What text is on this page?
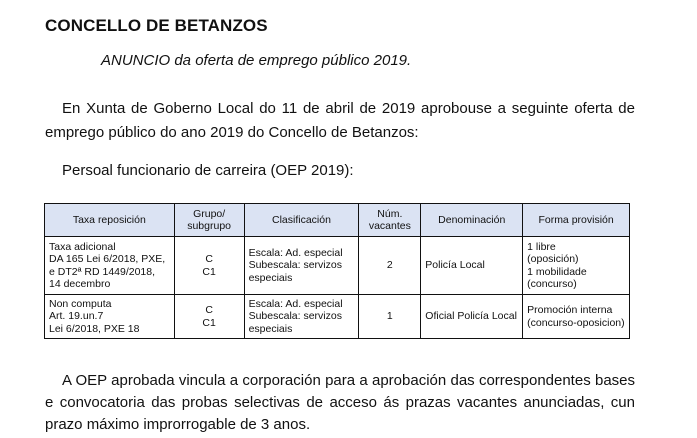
CONCELLO DE BETANZOS
ANUNCIO da oferta de emprego público 2019.
En Xunta de Goberno Local do 11 de abril de 2019 aprobouse a seguinte oferta de emprego público do ano 2019 do Concello de Betanzos:
Persoal funcionario de carreira (OEP 2019):
Taxa reposición	Grupo/ subgrupo	Clasificación	Núm. vacantes	Denominación	Forma provisión

Taxa adicional
DA 165 Lei 6/2018, PXE,
e DT2ª RD 1449/2018,
14 decembro	C
C1	Escala: Ad. especial
Subescala: servizos
especiais	2	Policía Local	1 libre
(oposición)
1 mobilidade
(concurso)

Non computa
Art. 19.un.7
Lei 6/2018, PXE 18	C
C1	Escala: Ad. especial
Subescala: servizos
especiais	1	Oficial Policía Local	Promoción interna
(concurso-oposicion)
A OEP aprobada vincula a corporación para a aprobación das correspondentes bases e convocatoria das probas selectivas de acceso ás prazas vacantes anunciadas, cun prazo máximo improrrogable de 3 anos.
